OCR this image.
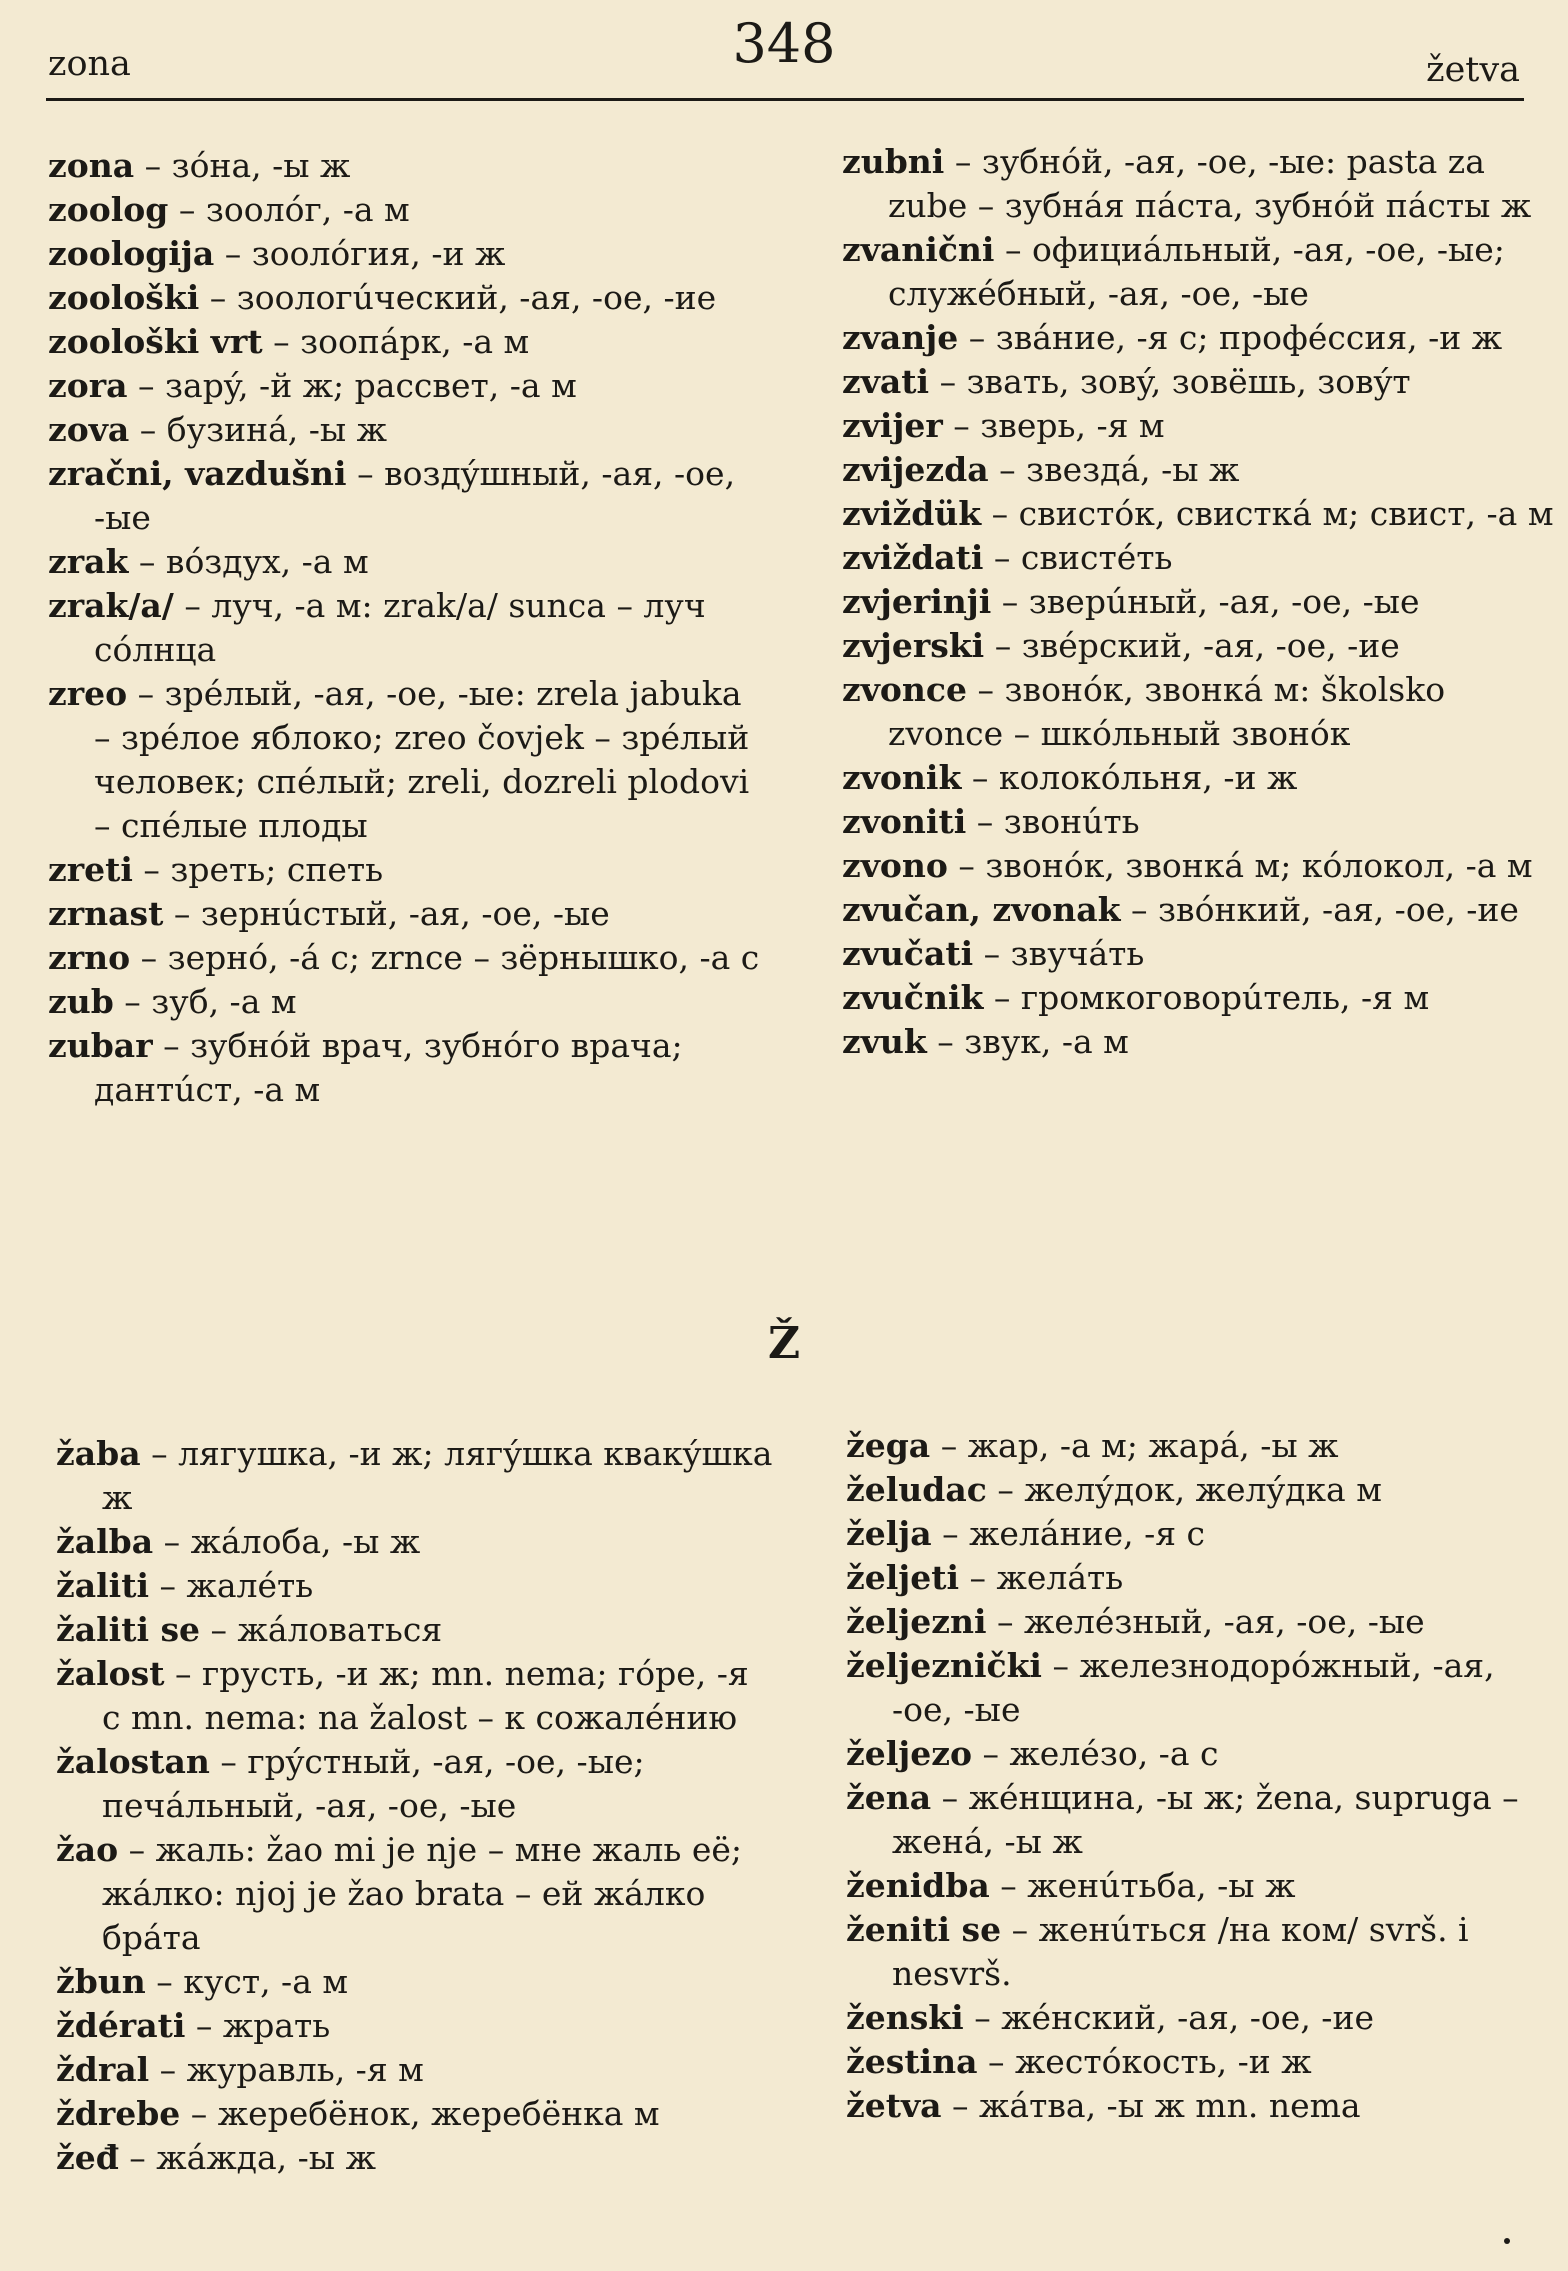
zona	348	žetva
zona – зóна, -ы ж
zoolog – зоолóг, -а м
zoologija – зоолóгия, -и ж
zoološki – зоологúческий, -ая, -ое, -ие
zoološki vrt – зоопáрк, -а м
zora – зарý, -й ж; рассвет, -а м
zova – бузинá, -ы ж
zračni, vazdušni – воздýшный, -ая, -ое, -ые
zrak – вóздух, -а м
zrak/a/ – луч, -а м: zrak/a/ sunca – луч сóлнца
zreo – зрéлый, -ая, -ое, -ые: zrela jabuka – зрéлое яблоко; zreo čovjek – зрéлый человек; спéлый; zreli, dozreli plodovi – спéлые плоды
zreti – зреть; спеть
zrnast – зернúстый, -ая, -ое, -ые
zrno – зернó, -á с; zrnce – зёрнышко, -а с
zub – зуб, -а м
zubar – зубнóй врач, зубнóго врача; дантúст, -а м
zubni – зубнóй, -ая, -ое, -ые: pasta za zube – зубнáя пáста, зубнóй пáсты ж
zvanični – официáльный, -ая, -ое, -ые; служéбный, -ая, -ое, -ые
zvanje – звáние, -я с; профéссия, -и ж
zvati – звать, зовý, зовёшь, зовýт
zvijer – зверь, -я м
zvijezda – звездá, -ы ж
zviždük – свистóк, свисткá м; свист, -а м
zviždati – свистéть
zvjerinji – зверúный, -ая, -ое, -ые
zvjerski – звéрский, -ая, -ое, -ие
zvonce – звонóк, звонкá м: školsko zvonce – шкóльный звонóк
zvonik – колокóльня, -и ж
zvoniti – звонúть
zvono – звонóк, звонкá м; кóлокол, -а м
zvučan, zvonak – звóнкий, -ая, -ое, -ие
zvučati – звучáть
zvučnik – громкоговорúтель, -я м
zvuk – звук, -а м
Ž
žaba – лягушка, -и ж; лягýшка квакýшка ж
žalba – жáлоба, -ы ж
žaliti – жалéть
žaliti se – жáловаться
žalost – грусть, -и ж; mn. nema; гóре, -я с mn. nema: na žalost – к сожалéнию
žalostan – грýстный, -ая, -ое, -ые; печáльный, -ая, -ое, -ые
žao – жаль: žao mi je nje – мне жаль её; жáлко: njoj je žao brata – ей жáлко брáта
žbun – куст, -а м
ždérati – жрать
ždral – журавль, -я м
ždrebe – жеребёнок, жеребёнка м
žeđ – жáжда, -ы ж
žega – жар, -а м; жарá, -ы ж
želudac – желýдок, желýдка м
želja – желáние, -я с
željeti – желáть
željezni – желéзный, -ая, -ое, -ые
željeznički – железнодорóжный, -ая, -ое, -ые
željezo – желéзо, -а с
žena – жéнщина, -ы ж; žena, supruga – женá, -ы ж
ženidba – женúтьба, -ы ж
ženiti se – женúться /на ком/ svrš. i nesvrš.
ženski – жéнский, -ая, -ое, -ие
žestina – жестóкость, -и ж
žetva – жáтва, -ы ж mn. nema
